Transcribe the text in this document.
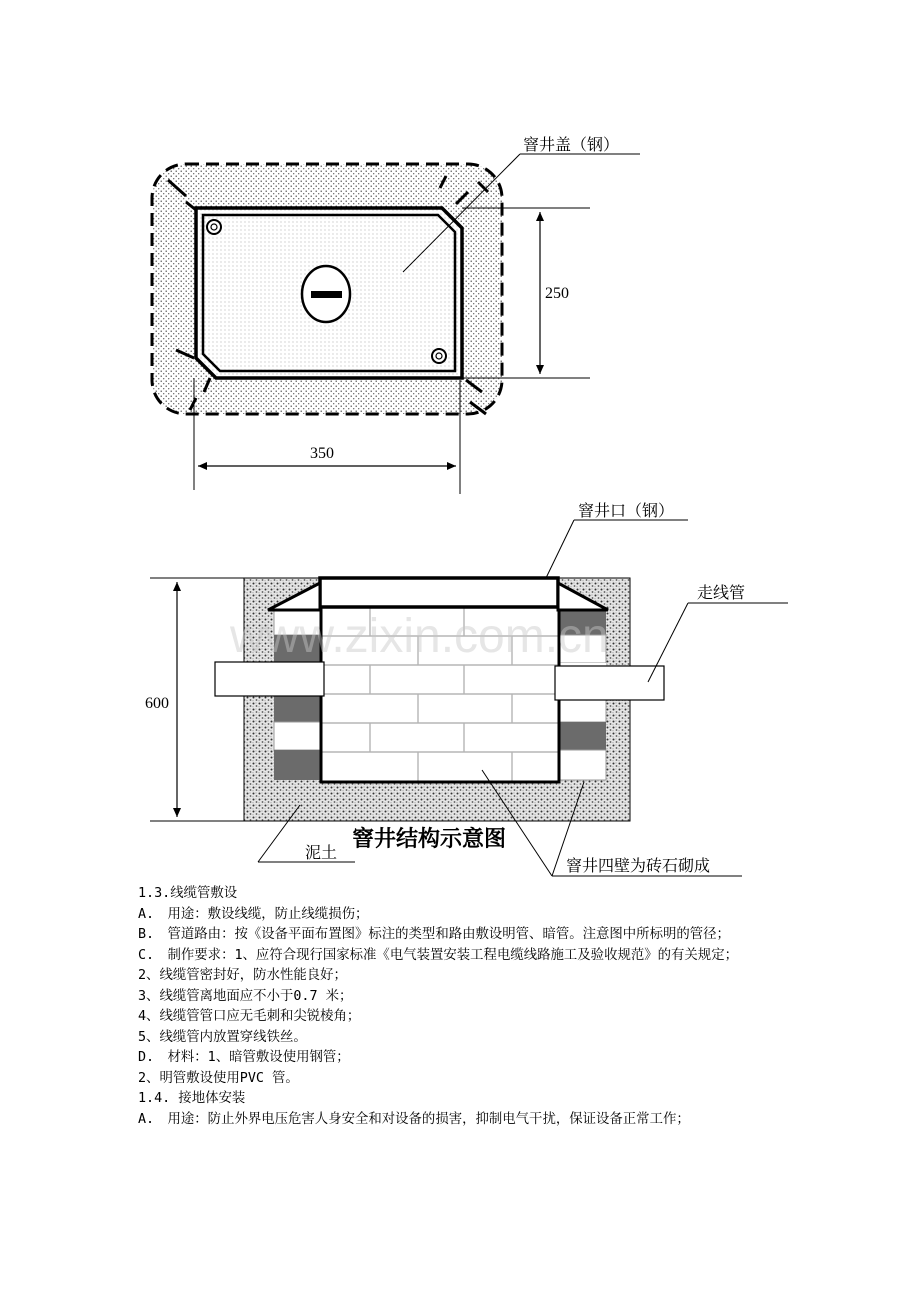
窨井盖（钢）
250
350
www.zixin.com.cn
窨井口（钢）
走线管
600
窨井结构示意图
泥土
窨井四壁为砖石砌成

1.3.线缆管敷设

A.　用途：敷设线缆，防止线缆损伤；

B.　管道路由：按《设备平面布置图》标注的类型和路由敷设明管、暗管。注意图中所标明的管径；

C.　制作要求：1、应符合现行国家标准《电气装置安装工程电缆线路施工及验收规范》的有关规定；

2、线缆管密封好，防水性能良好；

3、线缆管离地面应不小于0.7 米；

4、线缆管管口应无毛刺和尖锐棱角；

5、线缆管内放置穿线铁丝。

D.　材料：1、暗管敷设使用钢管；

2、明管敷设使用PVC 管。

1.4. 接地体安装

A.　用途：防止外界电压危害人身安全和对设备的损害，抑制电气干扰，保证设备正常工作；
